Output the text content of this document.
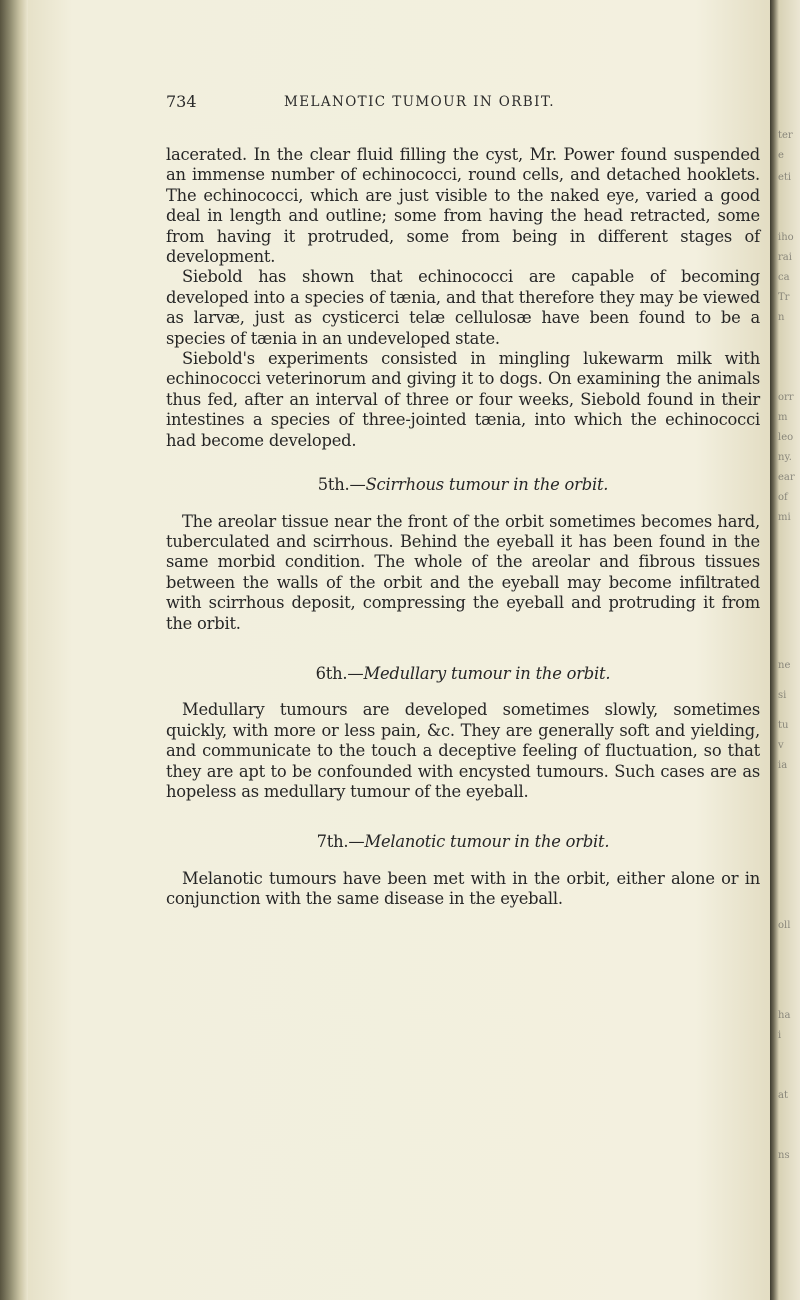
ter
e
eti
iho
rai
ca
Tr
n
orr
m
leo
ny.
ear
of
mi
ne
si
tu
v
ia
oll
ha
i
at
ns
734	MELANOTIC TUMOUR IN ORBIT.

lacerated. In the clear fluid filling the cyst, Mr. Power found suspended an immense number of echinococci, round cells, and detached hooklets. The echinococci, which are just visible to the naked eye, varied a good deal in length and outline; some from having the head retracted, some from having it protruded, some from being in different stages of development.

Siebold has shown that echinococci are capable of becoming developed into a species of tænia, and that therefore they may be viewed as larvæ, just as cysticerci telæ cellulosæ have been found to be a species of tænia in an undeveloped state.

Siebold's experiments consisted in mingling lukewarm milk with echinococci veterinorum and giving it to dogs. On examining the animals thus fed, after an interval of three or four weeks, Siebold found in their intestines a species of three-jointed tænia, into which the echinococci had become developed.

5th.—Scirrhous tumour in the orbit.

The areolar tissue near the front of the orbit sometimes becomes hard, tuberculated and scirrhous. Behind the eyeball it has been found in the same morbid condition. The whole of the areolar and fibrous tissues between the walls of the orbit and the eyeball may become infiltrated with scirrhous deposit, compressing the eyeball and protruding it from the orbit.

6th.—Medullary tumour in the orbit.

Medullary tumours are developed sometimes slowly, sometimes quickly, with more or less pain, &c. They are generally soft and yielding, and communicate to the touch a deceptive feeling of fluctuation, so that they are apt to be confounded with encysted tumours. Such cases are as hopeless as medullary tumour of the eyeball.

7th.—Melanotic tumour in the orbit.

Melanotic tumours have been met with in the orbit, either alone or in conjunction with the same disease in the eyeball.
